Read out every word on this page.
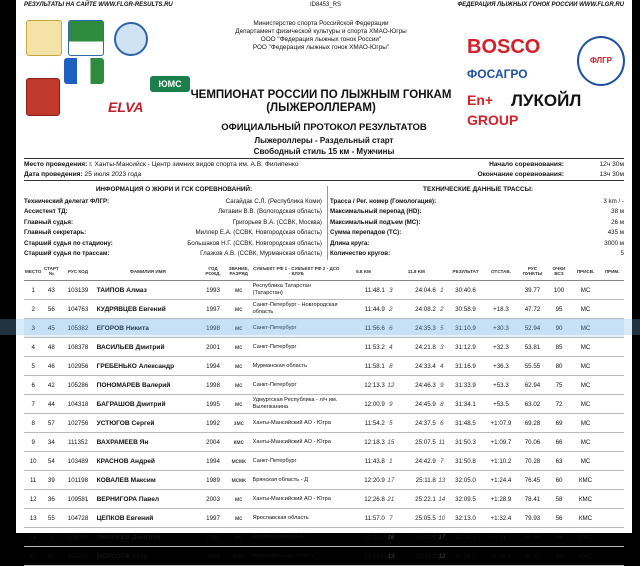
РЕЗУЛЬТАТЫ НА САЙТЕ WWW.FLGR-RESULTS.RU	ID8453_RS	ФЕДЕРАЦИЯ ЛЫЖНЫХ ГОНОК РОССИИ WWW.FLGR.RU
ЮМС
ELVA
Министерство спорта Российской Федерации
Департамент физической культуры и спорта ХМАО-Югры
ООО "Федерация лыжных гонок России"
РОО "Федерация лыжных гонок ХМАО-Югры"	BOSCO
ФОСАГРО
ФЛГР
En+ GROUP
ЛУКОЙЛ
ЧЕМПИОНАТ РОССИИ ПО ЛЫЖНЫМ ГОНКАМ
(ЛЫЖЕРОЛЛЕРАМ)
ОФИЦИАЛЬНЫЙ ПРОТОКОЛ РЕЗУЛЬТАТОВ
Лыжероллеры - Раздельный старт
Свободный стиль 15 км - Мужчины
Место проведения: г. Ханты-Мансийск - Центр зимних видов спорта им. А.В. Филипенко	Начало соревнования:	12ч 30м
Дата проведения: 25 июля 2023 года	Окончание соревнования:	13ч 30м
ИНФОРМАЦИЯ О ЖЮРИ И ГСК СОРЕВНОВАНИЙ:	ТЕХНИЧЕСКИЕ ДАННЫЕ ТРАССЫ:
Технический делегат ФЛГР:	Сагайдак С.Л. (Республика Коми)
Ассистент ТД:	Летавин В.В. (Вологодская область)
Главный судья:	Григорьев В.А. (ССВК, Москва)
Главный секретарь:	Миллер Е.А. (ССВК, Новгородская область)
Старший судья по стадиону:	Большаков Н.Г. (ССВК, Новгородская область)
Старший судья по трассам:	Глазков А.В. (ССВК, Мурманская область)
Трасса / Рег. номер (Гомологация):	3 km / -
Максимальный перепад (HD):	38 м
Максимальный подъем (MC):	26 м
Сумма перепадов (ТС):	435 м
Длина круга:	3000 м
Количество кругов:	5
МЕСТО	СТАРТ №	РУС КОД	ФАМИЛИЯ ИМЯ	ГОД РОЖД.	ЗВАНИЕ, РАЗРЯД	СУБЪЕКТ РФ 1 - СУБЪЕКТ РФ 2 - ДСО - КЛУБ	5.8 KM		11.8 KM		РЕЗУЛЬТАТ	ОТСТАВ.	РУС ПУНКТЫ	ОЧКИ ВСЗ	ПРИСВ.	ПРИМ.
1	43	103139	ТАИПОВ Алмаз	1993	мс	Республика Татарстан (Татарстан)	11:48.1	3	24:04.6	1	30:40.6		39.77	100	МС	
2	56	104763	КУДРЯВЦЕВ Евгений	1997	мс	Санкт-Петербург - Новгородская область	11:44.9	2	24:08.2	2	30:58.9	+18.3	47.72	95	МС	
3	45	105382	ЕГОРОВ Никита	1998	мс	Санкт-Петербург	11:56.6	6	24:35.3	5	31:10.9	+30.3	52.94	90	МС	
4	48	108378	ВАСИЛЬЕВ Дмитрий	2001	мс	Санкт-Петербург	11:53.2	4	24:21.8	3	31:12.9	+32.3	53.81	85	МС	
5	46	102956	ГРЕБЕНЬКО Александр	1994	мс	Мурманская область	11:58.1	8	24:33.4	4	31:16.9	+36.3	55.55	80	МС	
6	42	105286	ПОНОМАРЕВ Валерий	1998	мс	Санкт-Петербург	12:13.3	12	24:46.3	9	31:33.9	+53.3	62.94	75	МС	
7	44	104318	БАГРАШОВ Дмитрий	1995	мс	Удмуртская Республика - л/ч им. Вылегжанина	12:00.9	9	24:45.9	8	31:34.1	+53.5	63.02	72	МС	
8	57	102756	УСТЮГОВ Сергей	1992	змс	Ханты-Мансийский АО - Югра	11:54.2	5	24:37.5	6	31:48.5	+1:07.9	69.28	69	МС	
9	34	111352	ВАХРАМЕЕВ Ян	2004	кмс	Ханты-Мансийский АО - Югра	12:18.3	15	25:07.5	11	31:50.3	+1:09.7	70.06	66	МС	
10	54	103489	КРАСНОВ Андрей	1994	мсмк	Санкт-Петербург	11:43.8	1	24:42.9	7	31:50.8	+1:10.2	70.28	63	МС	
11	39	101198	КОВАЛЕВ Максим	1989	мсмк	Брянская область - Д	12:20.9	17	25:11.8	13	32:05.0	+1:24.4	76.45	60	КМС	
12	36	109581	ВЕРНИГОРА Павел	2003	мс	Ханты-Мансийский АО - Югра	12:26.8	21	25:22.1	14	32:09.5	+1:28.9	78.41	58	КМС	
13	55	104728	ЦЕПКОВ Евгений	1997	мс	Ярославская область	11:57.0	7	25:05.5	10	32:13.0	+1:32.4	79.93	56	КМС	
14	3	105304	ЯМАЛЕЕВ Дмитрий	1982	мс	Ямало-Ненецкий АО	12:22.0	18	25:29.4	17	32:14.3	+1:33.7	80.50	54	КМС	
15	52	110283	МОРОЗОВ Егор	2004	кмс	Нижегородская область	12:13.5	13	25:11.3	12	32:16.2	+1:35.6	81.32	52	КМС	
